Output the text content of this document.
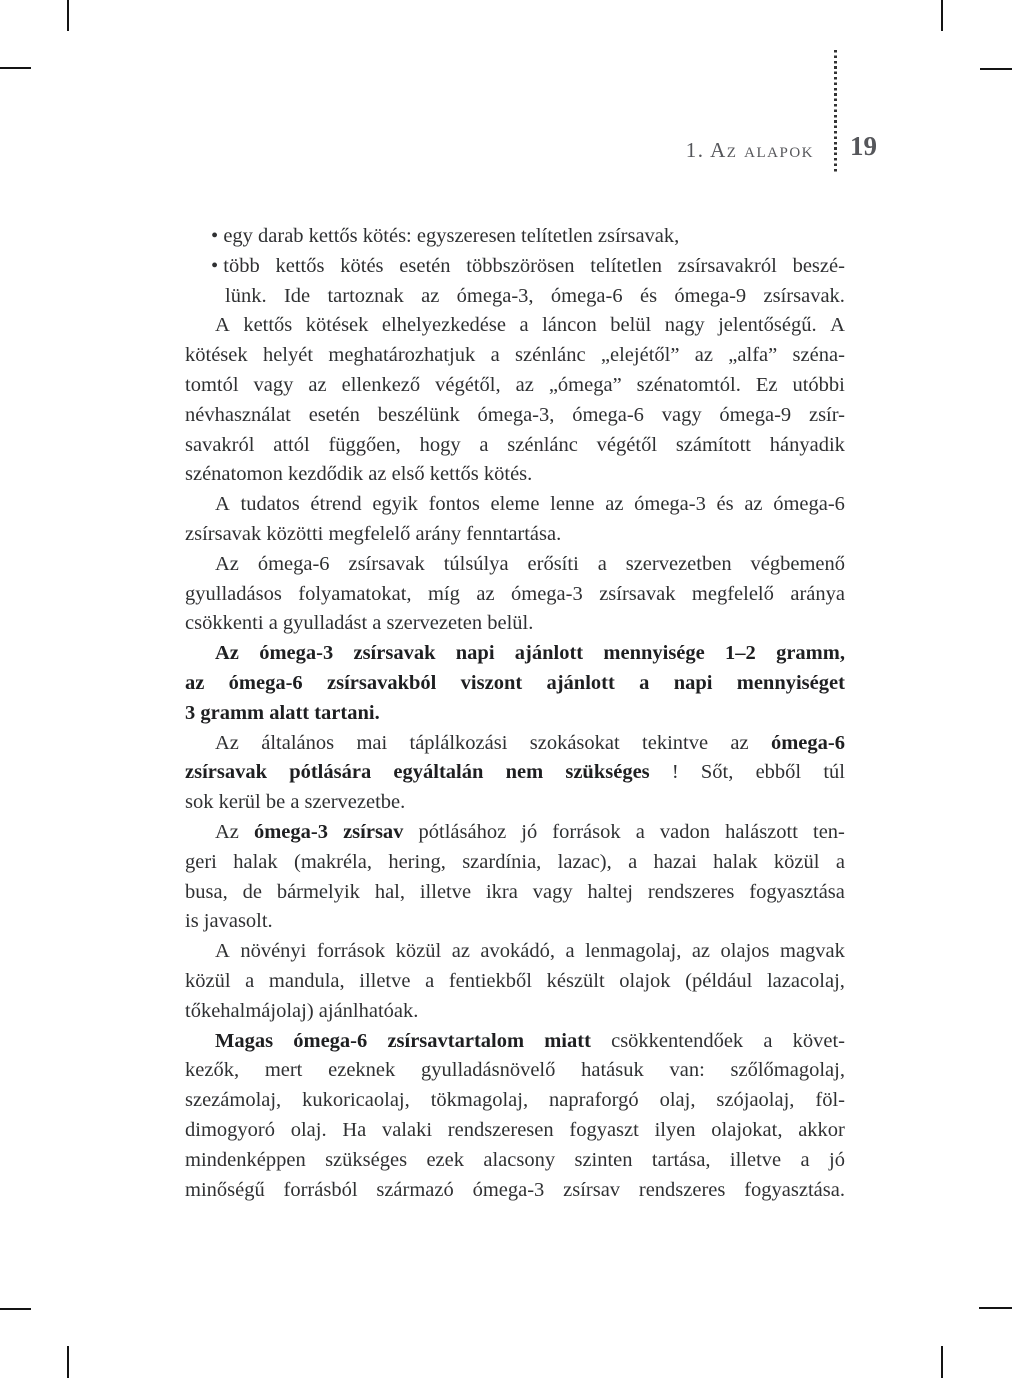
1. Az alapok 19
• egy darab kettős kötés: egyszeresen telítetlen zsírsavak,
• több kettős kötés esetén többszörösen telítetlen zsírsavakról beszé-
lünk. Ide tartoznak az ómega-3, ómega-6 és ómega-9 zsírsavak.
A kettős kötések elhelyezkedése a láncon belül nagy jelentőségű. A
kötések helyét meghatározhatjuk a szénlánc „elejétől” az „alfa” széna-
tomtól vagy az ellenkező végétől, az „ómega” szénatomtól. Ez utóbbi
névhasználat esetén beszélünk ómega-3, ómega-6 vagy ómega-9 zsír-
savakról attól függően, hogy a szénlánc végétől számított hányadik
szénatomon kezdődik az első kettős kötés.
A tudatos étrend egyik fontos eleme lenne az ómega-3 és az ómega-6
zsírsavak közötti megfelelő arány fenntartása.
Az ómega-6 zsírsavak túlsúlya erősíti a szervezetben végbemenő
gyulladásos folyamatokat, míg az ómega-3 zsírsavak megfelelő aránya
csökkenti a gyulladást a szervezeten belül.
Az ómega-3 zsírsavak napi ajánlott mennyisége 1–2 gramm,
az ómega-6 zsírsavakból viszont ajánlott a napi mennyiséget
3 gramm alatt tartani.
Az általános mai táplálkozási szokásokat tekintve az ómega-6
zsírsavak pótlására egyáltalán nem szükséges ! Sőt, ebből túl
sok kerül be a szervezetbe.
Az ómega-3 zsírsav pótlásához jó források a vadon halászott ten-
geri halak (makréla, hering, szardínia, lazac), a hazai halak közül a
busa, de bármelyik hal, illetve ikra vagy haltej rendszeres fogyasztása
is javasolt.
A növényi források közül az avokádó, a lenmagolaj, az olajos magvak
közül a mandula, illetve a fentiekből készült olajok (például lazacolaj,
tőkehalmájolaj) ajánlhatóak.
Magas ómega-6 zsírsavtartalom miatt csökkentendőek a követ-
kezők, mert ezeknek gyulladásnövelő hatásuk van: szőlőmagolaj,
szezámolaj, kukoricaolaj, tökmagolaj, napraforgó olaj, szójaolaj, föl-
dimogyoró olaj. Ha valaki rendszeresen fogyaszt ilyen olajokat, akkor
mindenképpen szükséges ezek alacsony szinten tartása, illetve a jó
minőségű forrásból származó ómega-3 zsírsav rendszeres fogyasztása.
